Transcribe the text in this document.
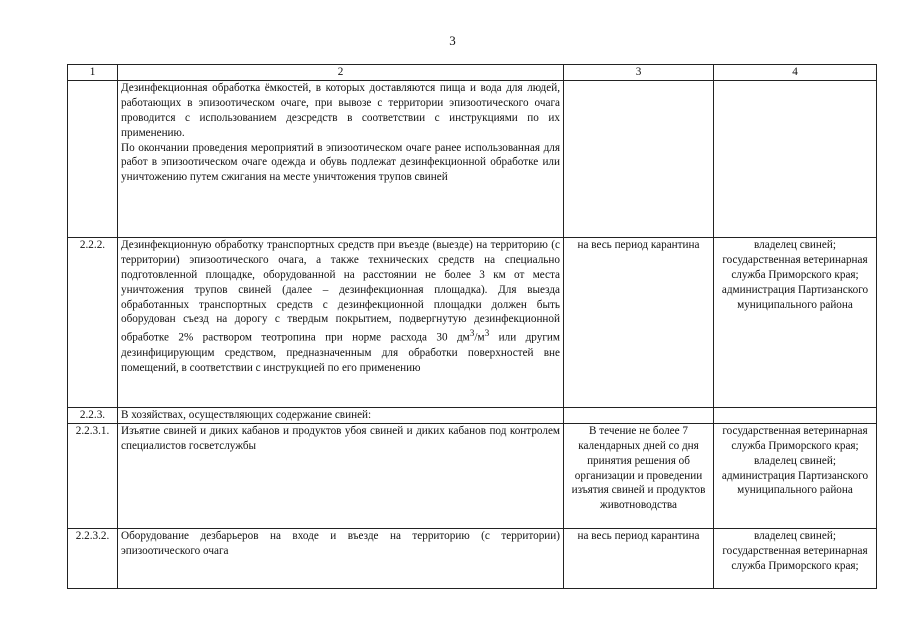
3
1	2	3	4

	Дезинфекционная обработка ёмкостей, в которых доставляются пища и вода для людей, работающих в эпизоотическом очаге, при вывозе с территории эпизоотического очага проводится с использованием дезсредств в соответствии с инструкциями по их применению.
По окончании проведения мероприятий в эпизоотическом очаге ранее использованная для работ в эпизоотическом очаге одежда и обувь подлежат дезинфекционной обработке или уничтожению путем сжигания на месте уничтожения трупов свиней		

2.2.2.	Дезинфекционную обработку транспортных средств при въезде (выезде) на территорию (с территории) эпизоотического очага, а также технических средств на специально подготовленной площадке, оборудованной на расстоянии не более 3 км от места уничтожения трупов свиней (далее – дезинфекционная площадка). Для выезда обработанных транспортных средств с дезинфекционной площадки должен быть оборудован съезд на дорогу с твердым покрытием, подвергнутую дезинфекционной обработке 2% раствором теотропина при норме расхода 30 $дм^3/м^3$ или другим дезинфицирующим средством, предназначенным для обработки поверхностей вне помещений, в соответствии с инструкцией по его применению	на весь период карантина	владелец свиней; государственная ветеринарная служба Приморского края; администрация Партизанского муниципального района
2.2.3.	В хозяйствах, осуществляющих содержание свиней:		
2.2.3.1.	Изъятие свиней и диких кабанов и продуктов убоя свиней и диких кабанов под контролем специалистов госветслужбы	В течение не более 7 календарных дней со дня принятия решения об организации и проведении изъятия свиней и продуктов животноводства	государственная ветеринарная служба Приморского края; владелец свиней; администрация Партизанского муниципального района
2.2.3.2.	Оборудование дезбарьеров на входе и въезде на территорию (с территории) эпизоотического очага	на весь период карантина	владелец свиней; государственная ветеринарная служба Приморского края;
